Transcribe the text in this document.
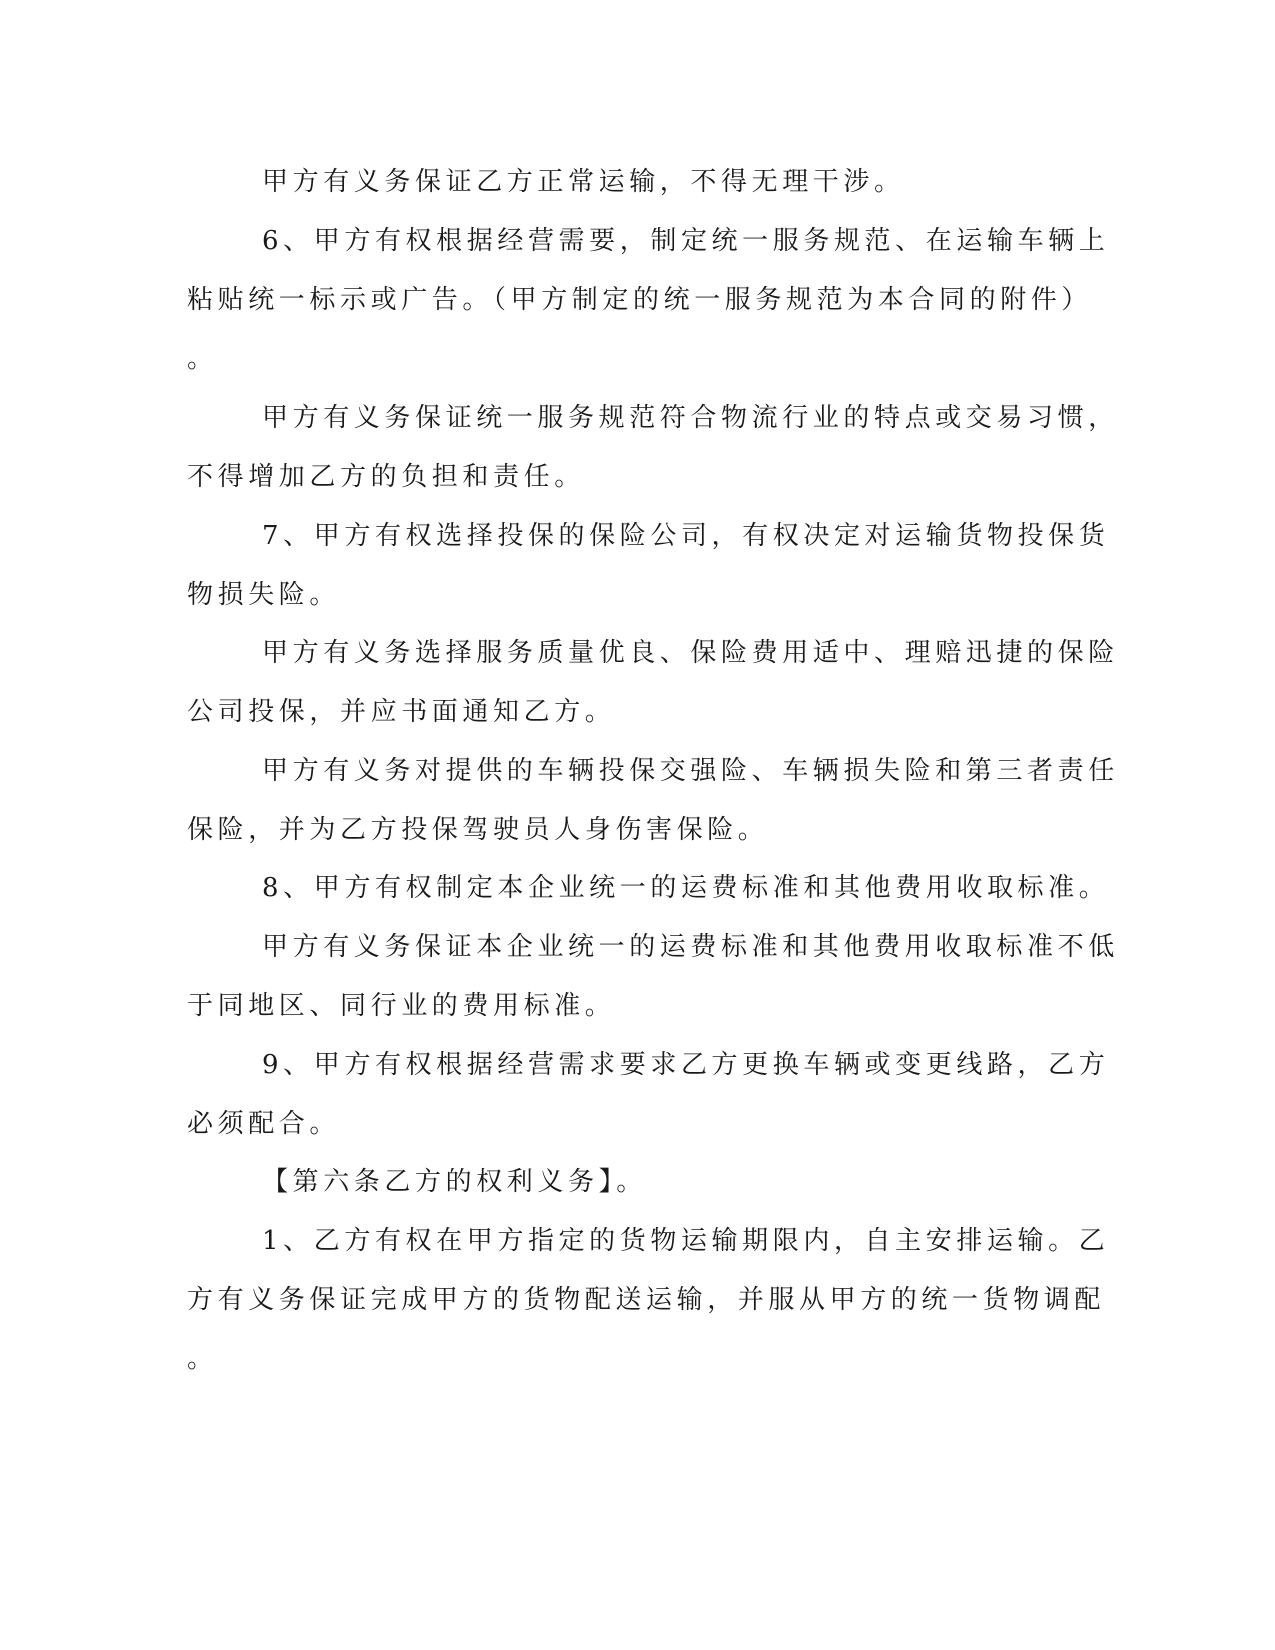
甲方有义务保证乙方正常运输，不得无理干涉。

6、甲方有权根据经营需要，制定统一服务规范、在运输车辆上

粘贴统一标示或广告。（甲方制定的统一服务规范为本合同的附件）

。

甲方有义务保证统一服务规范符合物流行业的特点或交易习惯，

不得增加乙方的负担和责任。

7、甲方有权选择投保的保险公司，有权决定对运输货物投保货

物损失险。

甲方有义务选择服务质量优良、保险费用适中、理赔迅捷的保险

公司投保，并应书面通知乙方。

甲方有义务对提供的车辆投保交强险、车辆损失险和第三者责任

保险，并为乙方投保驾驶员人身伤害保险。

8、甲方有权制定本企业统一的运费标准和其他费用收取标准。

甲方有义务保证本企业统一的运费标准和其他费用收取标准不低

于同地区、同行业的费用标准。

9、甲方有权根据经营需求要求乙方更换车辆或变更线路，乙方

必须配合。

【第六条乙方的权利义务】。

1、乙方有权在甲方指定的货物运输期限内，自主安排运输。乙

方有义务保证完成甲方的货物配送运输，并服从甲方的统一货物调配

。
